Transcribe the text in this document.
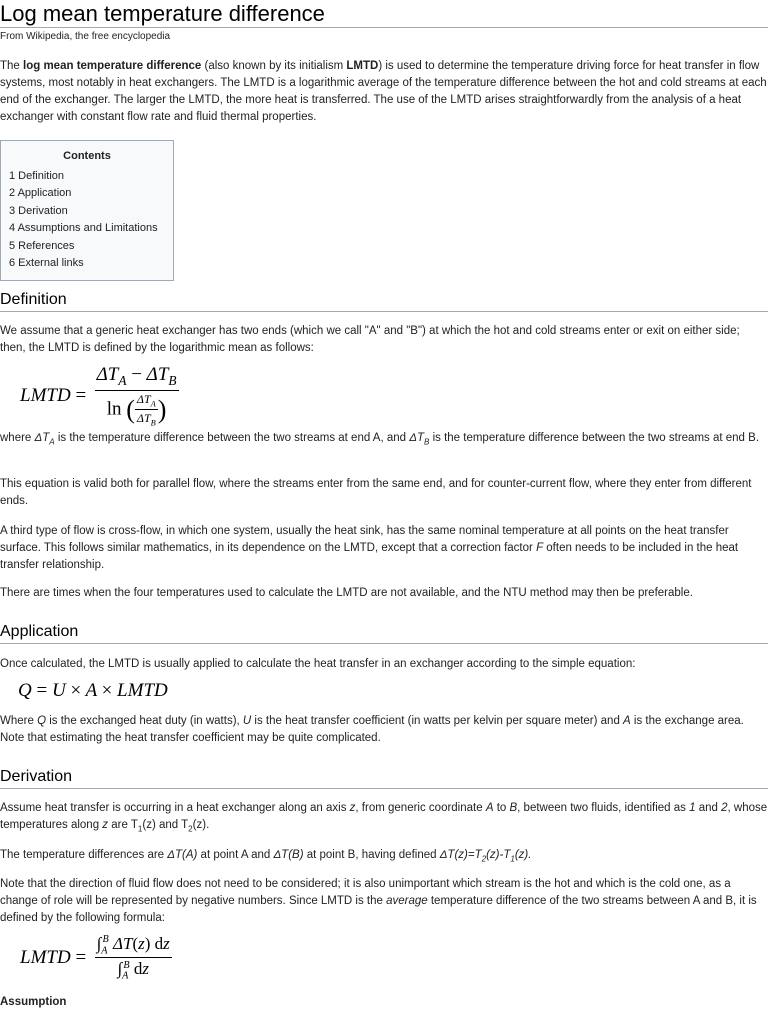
Log mean temperature difference
From Wikipedia, the free encyclopedia

The log mean temperature difference (also known by its initialism LMTD) is used to determine the temperature driving force for heat transfer in flow systems, most notably in heat exchangers. The LMTD is a logarithmic average of the temperature difference between the hot and cold streams at each end of the exchanger. The larger the LMTD, the more heat is transferred. The use of the LMTD arises straightforwardly from the analysis of a heat exchanger with constant flow rate and fluid thermal properties.

Contents
1 Definition
2 Application
3 Derivation
4 Assumptions and Limitations
5 References
6 External links
Definition

We assume that a generic heat exchanger has two ends (which we call "A" and "B") at which the hot and cold streams enter or exit on either side; then, the LMTD is defined by the logarithmic mean as follows:

LMTD = $\frac{\Delta T_A - \Delta T_B}{\ln ( \frac{\Delta T_A}{\Delta T_B} )}$

where $\Delta T_A$ is the temperature difference between the two streams at end A, and $\Delta T_B$ is the temperature difference between the two streams at end B.

This equation is valid both for parallel flow, where the streams enter from the same end, and for counter-current flow, where they enter from different ends.

A third type of flow is cross-flow, in which one system, usually the heat sink, has the same nominal temperature at all points on the heat transfer surface. This follows similar mathematics, in its dependence on the LMTD, except that a correction factor F often needs to be included in the heat transfer relationship.

There are times when the four temperatures used to calculate the LMTD are not available, and the NTU method may then be preferable.

Application

Once calculated, the LMTD is usually applied to calculate the heat transfer in an exchanger according to the simple equation:

Q = U × A × LMTD

Where Q is the exchanged heat duty (in watts), U is the heat transfer coefficient (in watts per kelvin per square meter) and A is the exchange area. Note that estimating the heat transfer coefficient may be quite complicated.

Derivation

Assume heat transfer is occurring in a heat exchanger along an axis z, from generic coordinate A to B, between two fluids, identified as 1 and 2, whose temperatures along z are $T_1(z)$ and $T_2(z)$.

The temperature differences are ΔT(A) at point A and ΔT(B) at point B, having defined $\Delta T(z)=T_2(z)-T_1(z)$.

Note that the direction of fluid flow does not need to be considered; it is also unimportant which stream is the hot and which is the cold one, as a change of role will be represented by negative numbers. Since LMTD is the average temperature difference of the two streams between A and B, it is defined by the following formula:

LMTD = $\frac{\int_A^B \Delta T(z) dz}{\int_A^B dz}$
Assumption
